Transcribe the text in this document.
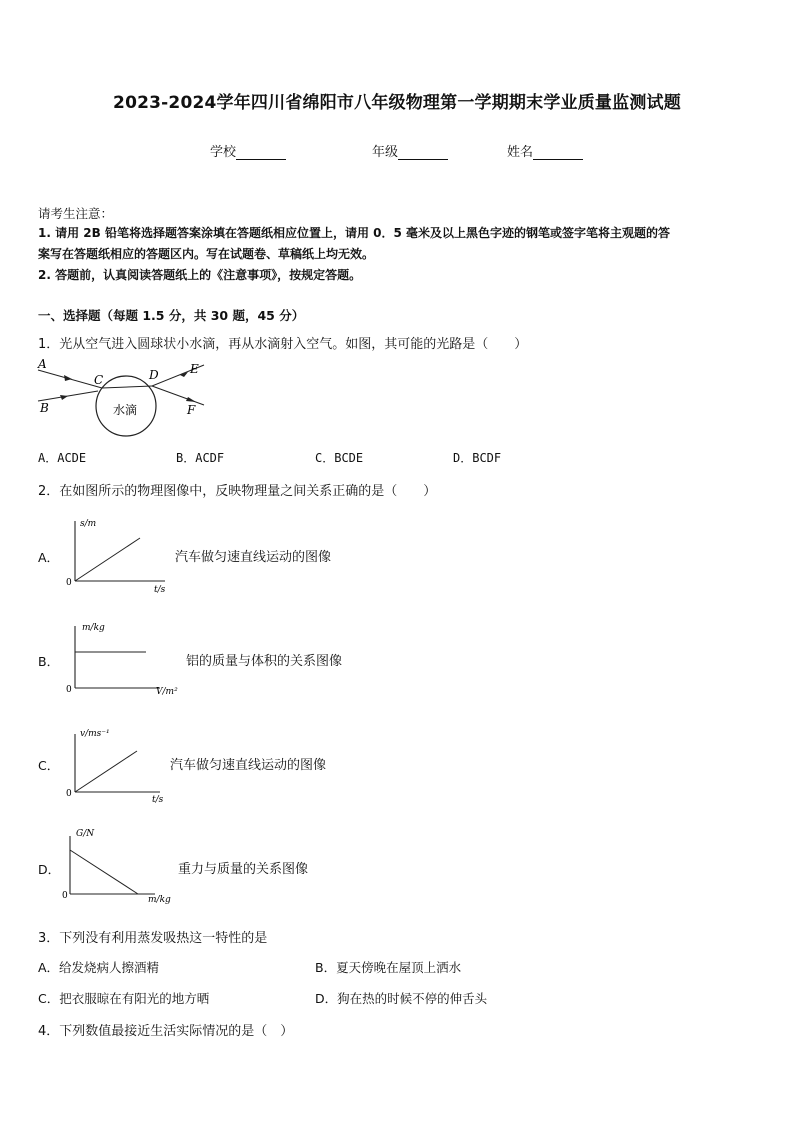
2023-2024学年四川省绵阳市八年级物理第一学期期末学业质量监测试题
学校	年级	姓名
请考生注意：
1. 请用 2B 铅笔将选择题答案涂填在答题纸相应位置上，请用 0．5 毫米及以上黑色字迹的钢笔或签字笔将主观题的答
案写在答题纸相应的答题区内。写在试题卷、草稿纸上均无效。
2. 答题前，认真阅读答题纸上的《注意事项》，按规定答题。
一、选择题（每题 1.5 分，共 30 题，45 分）
1．光从空气进入圆球状小水滴，再从水滴射入空气。如图，其可能的光路是（　　）
水滴
A
B
C	D	E
F
A．ACDE	B．ACDF	C．BCDE	D．BCDF
2．在如图所示的物理图像中，反映物理量之间关系正确的是（　　）
A．
s/m
t/s
0
汽车做匀速直线运动的图像
B．
m/kg
V/m²
0
铝的质量与体积的关系图像
C．
v/ms⁻¹
t/s
0
汽车做匀速直线运动的图像
D．
G/N
m/kg
0
重力与质量的关系图像
3．下列没有利用蒸发吸热这一特性的是
A．给发烧病人擦酒精	B．夏天傍晚在屋顶上洒水
C．把衣服晾在有阳光的地方晒	D．狗在热的时候不停的伸舌头
4．下列数值最接近生活实际情况的是（　）
